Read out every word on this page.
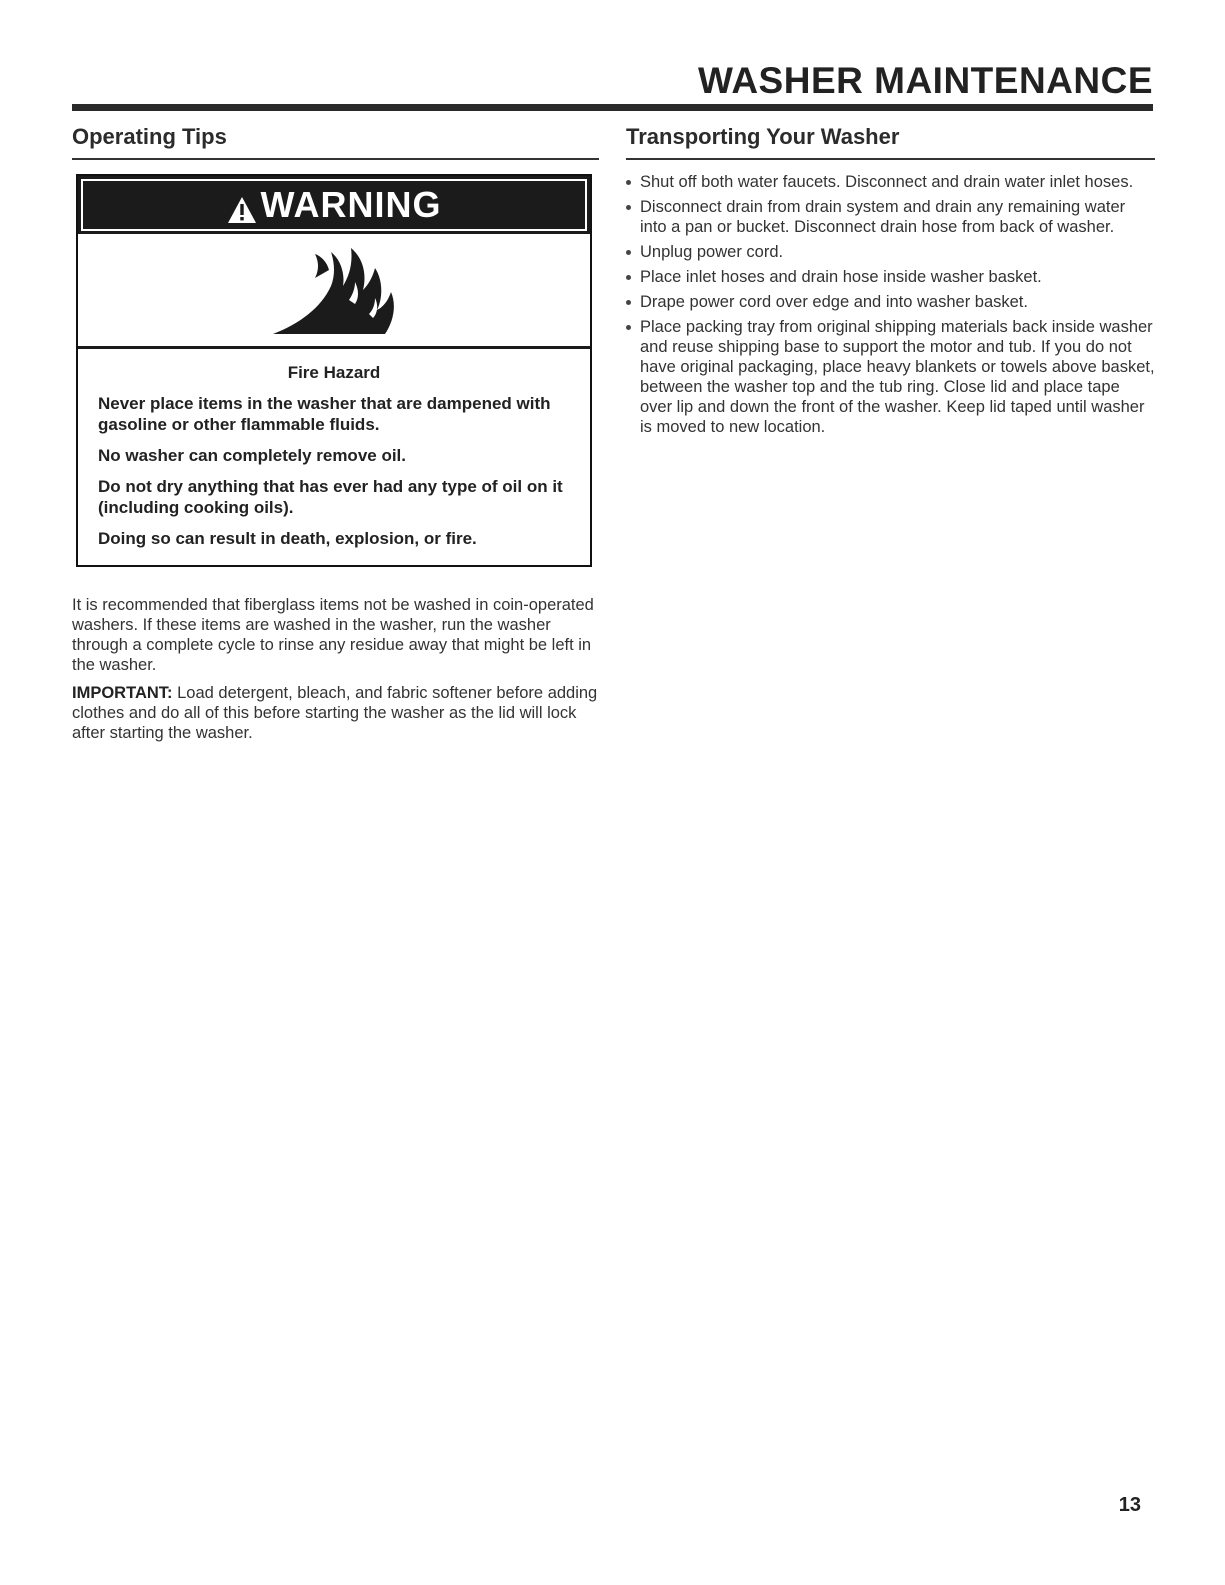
WASHER MAINTENANCE
Operating Tips
WARNING
Fire Hazard

Never place items in the washer that are dampened with gasoline or other flammable fluids.

No washer can completely remove oil.

Do not dry anything that has ever had any type of oil on it (including cooking oils).

Doing so can result in death, explosion, or fire.

It is recommended that fiberglass items not be washed in coin-operated washers. If these items are washed in the washer, run the washer through a complete cycle to rinse any residue away that might be left in the washer.

IMPORTANT: Load detergent, bleach, and fabric softener before adding clothes and do all of this before starting the washer as the lid will lock after starting the washer.

Transporting Your Washer
Shut off both water faucets. Disconnect and drain water inlet hoses.
Disconnect drain from drain system and drain any remaining water into a pan or bucket. Disconnect drain hose from back of washer.
Unplug power cord.
Place inlet hoses and drain hose inside washer basket.
Drape power cord over edge and into washer basket.
Place packing tray from original shipping materials back inside washer and reuse shipping base to support the motor and tub. If you do not have original packaging, place heavy blankets or towels above basket, between the washer top and the tub ring. Close lid and place tape over lip and down the front of the washer. Keep lid taped until washer is moved to new location.
13
